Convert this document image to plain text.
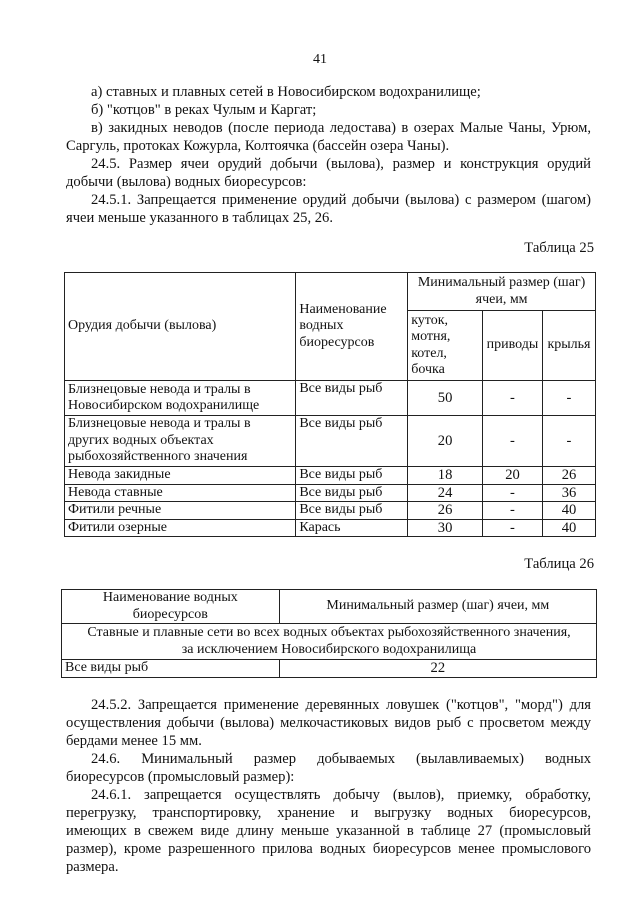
41

а) ставных и плавных сетей в Новосибирском водохранилище;

б) "котцов" в реках Чулым и Каргат;

в) закидных неводов (после периода ледостава) в озерах Малые Чаны, Урюм,

Саргуль, протоках Кожурла, Колтоячка (бассейн озера Чаны).

24.5. Размер ячеи орудий добычи (вылова), размер и конструкция орудий

добычи (вылова) водных биоресурсов:

24.5.1. Запрещается применение орудий добычи (вылова) с размером (шагом)

ячеи меньше указанного в таблицах 25, 26.

Таблица 25
Орудия добычи (вылова)	Наименование водных биоресурсов	Минимальный размер (шаг) ячеи, мм		
		куток, мотня, котел, бочка	приводы	крылья
Близнецовые невода и тралы в Новосибирском водохранилище	Все виды рыб	50	-	-
Близнецовые невода и тралы в других водных объектах рыбохозяйственного значения	Все виды рыб	20	-	-
Невода закидные	Все виды рыб	18	20	26
Невода ставные	Все виды рыб	24	-	36
Фитили речные	Все виды рыб	26	-	40
Фитили озерные	Карась	30	-	40
Таблица 26
Наименование водных биоресурсов	Минимальный размер (шаг) ячеи, мм

Ставные и плавные сети во всех водных объектах рыбохозяйственного значения,
за исключением Новосибирского водохранилища	

Все виды рыб	22

24.5.2. Запрещается применение деревянных ловушек ("котцов", "морд") для

осуществления добычи (вылова) мелкочастиковых видов рыб с просветом между

бердами менее 15 мм.

24.6. Минимальный размер добываемых (вылавливаемых) водных

биоресурсов (промысловый размер):

24.6.1. запрещается осуществлять добычу (вылов), приемку, обработку,

перегрузку, транспортировку, хранение и выгрузку водных биоресурсов,

имеющих в свежем виде длину меньше указанной в таблице 27 (промысловый

размер), кроме разрешенного прилова водных биоресурсов менее промыслового

размера.
